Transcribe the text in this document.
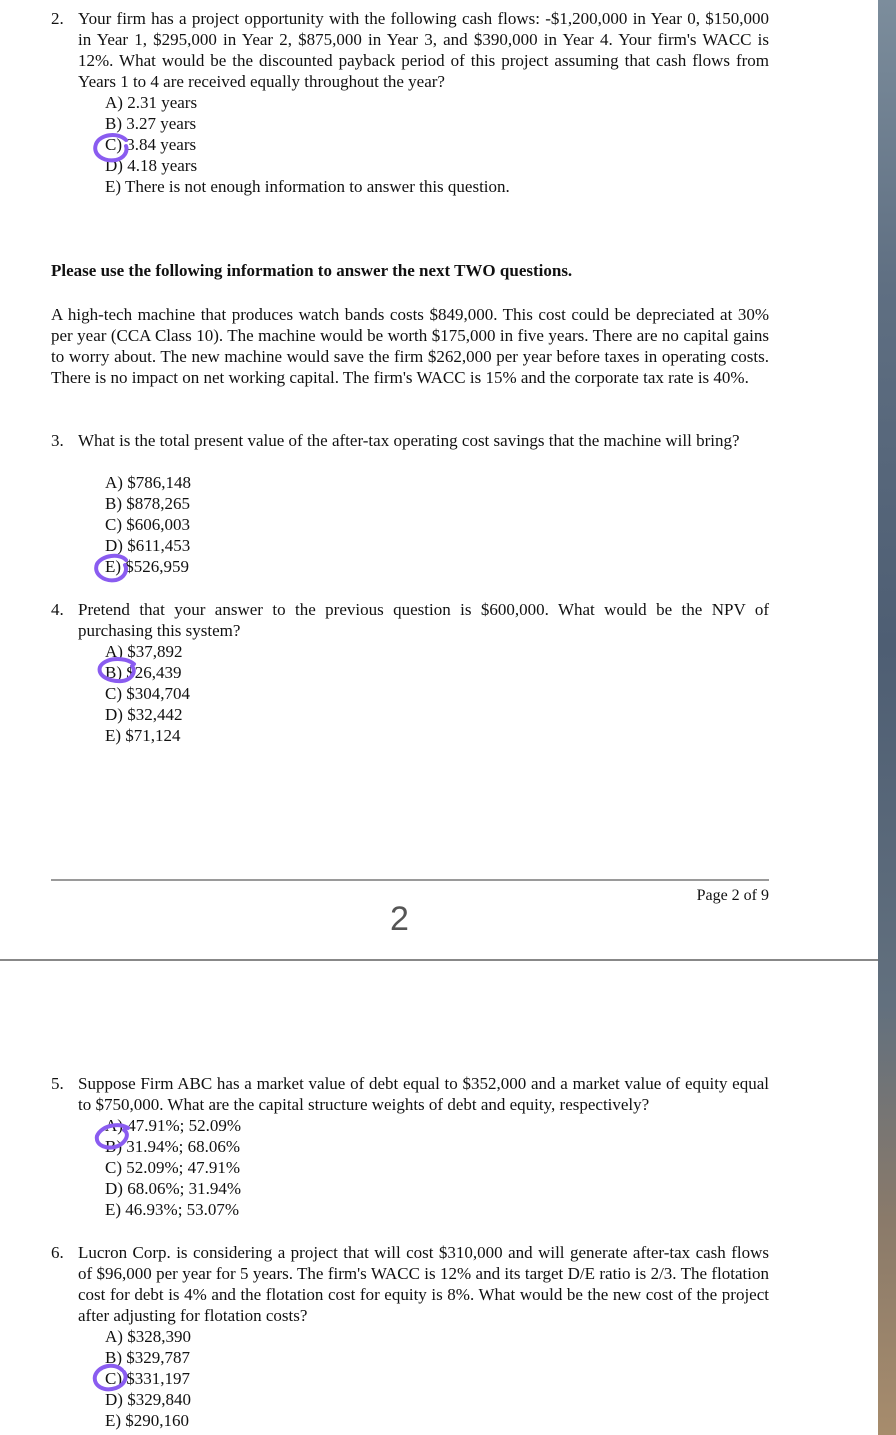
2. Your firm has a project opportunity with the following cash flows: -$1,200,000 in Year 0, $150,000 in Year 1, $295,000 in Year 2, $875,000 in Year 3, and $390,000 in Year 4. Your firm's WACC is 12%. What would be the discounted payback period of this project assuming that cash flows from Years 1 to 4 are received equally throughout the year?
A) 2.31 years
B) 3.27 years
C) 3.84 years
D) 4.18 years
E) There is not enough information to answer this question.
Please use the following information to answer the next TWO questions.
A high-tech machine that produces watch bands costs $849,000. This cost could be depreciated at 30% per year (CCA Class 10). The machine would be worth $175,000 in five years. There are no capital gains to worry about. The new machine would save the firm $262,000 per year before taxes in operating costs. There is no impact on net working capital. The firm's WACC is 15% and the corporate tax rate is 40%.
3. What is the total present value of the after-tax operating cost savings that the machine will bring?
A) $786,148
B) $878,265
C) $606,003
D) $611,453
E) $526,959
4. Pretend that your answer to the previous question is $600,000. What would be the NPV of purchasing this system?
A) $37,892
B) $26,439
C) $304,704
D) $32,442
E) $71,124
Page 2 of 9
2
5. Suppose Firm ABC has a market value of debt equal to $352,000 and a market value of equity equal to $750,000. What are the capital structure weights of debt and equity, respectively?
A) 47.91%; 52.09%
B) 31.94%; 68.06%
C) 52.09%; 47.91%
D) 68.06%; 31.94%
E) 46.93%; 53.07%
6. Lucron Corp. is considering a project that will cost $310,000 and will generate after-tax cash flows of $96,000 per year for 5 years. The firm's WACC is 12% and its target D/E ratio is 2/3. The flotation cost for debt is 4% and the flotation cost for equity is 8%. What would be the new cost of the project after adjusting for flotation costs?
A) $328,390
B) $329,787
C) $331,197
D) $329,840
E) $290,160
